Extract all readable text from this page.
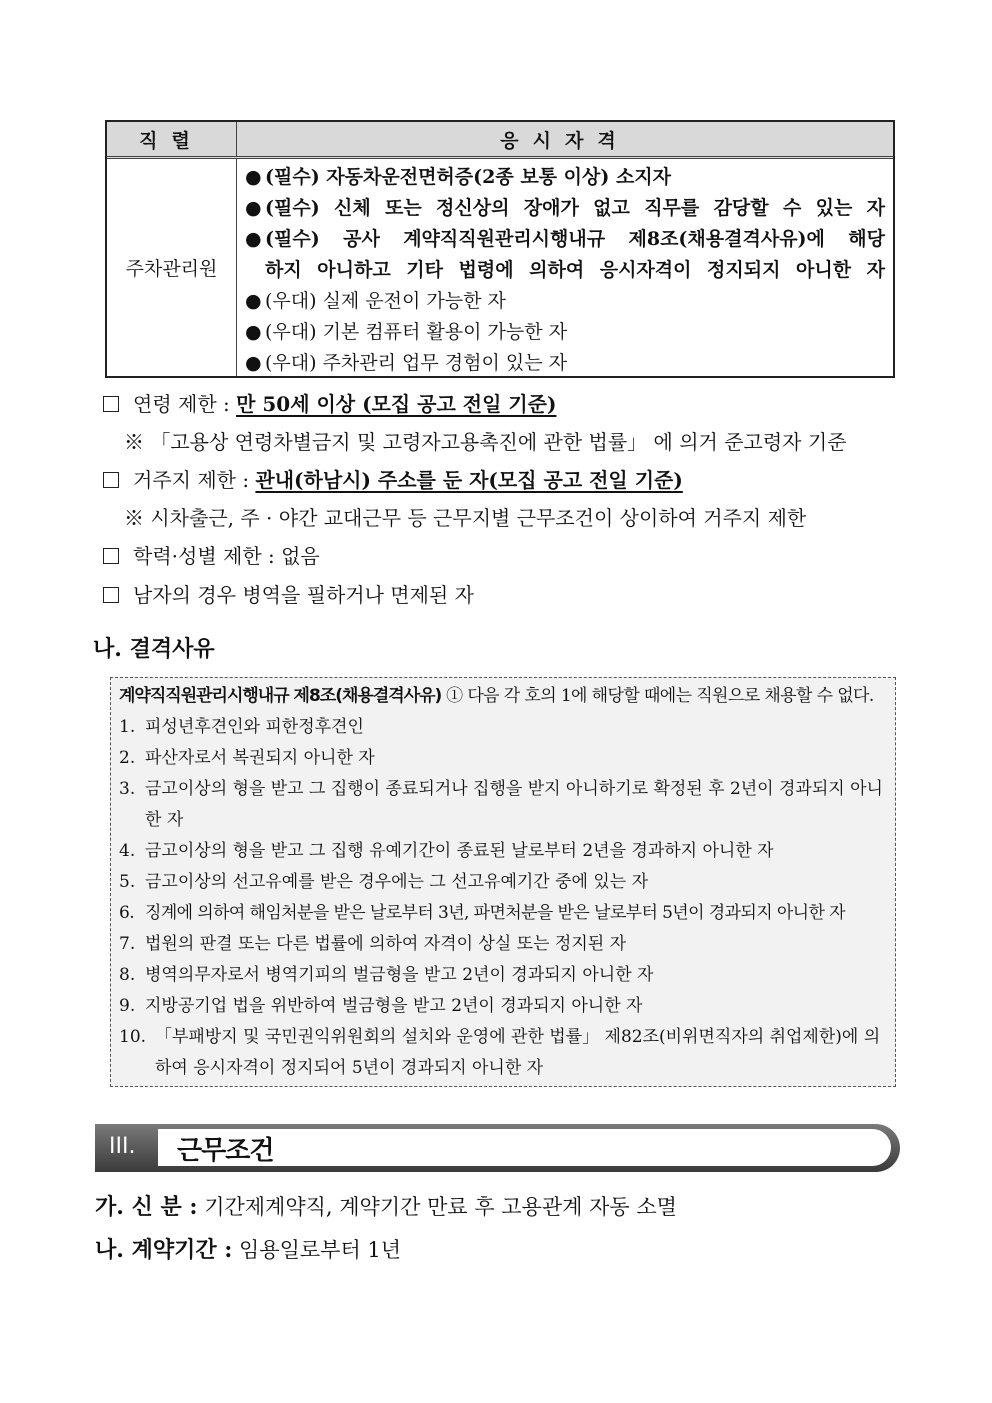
직렬	응시자격
주차관리원
● (필수) 자동차운전면허증(2종 보통 이상) 소지자
● (필수) 신체 또는 정신상의 장애가 없고 직무를 감당할 수 있는 자
● (필수) 공사 계약직직원관리시행내규 제8조(채용결격사유)에 해당
하지 아니하고 기타 법령에 의하여 응시자격이 정지되지 아니한 자
● (우대) 실제 운전이 가능한 자
● (우대) 기본 컴퓨터 활용이 가능한 자
● (우대) 주차관리 업무 경험이 있는 자
연령 제한 : 만 50세 이상 (모집 공고 전일 기준)
※ 「고용상 연령차별금지 및 고령자고용촉진에 관한 법률」 에 의거 준고령자 기준
거주지 제한 : 관내(하남시) 주소를 둔 자(모집 공고 전일 기준)
※ 시차출근, 주 · 야간 교대근무 등 근무지별 근무조건이 상이하여 거주지 제한
학력·성별 제한 : 없음
남자의 경우 병역을 필하거나 면제된 자
나. 결격사유
계약직직원관리시행내규 제8조(채용결격사유) ① 다음 각 호의 1에 해당할 때에는 직원으로 채용할 수 없다.
1. 피성년후견인와 피한정후견인
2. 파산자로서 복권되지 아니한 자
3. 금고이상의 형을 받고 그 집행이 종료되거나 집행을 받지 아니하기로 확정된 후 2년이 경과되지 아니한 자
4. 금고이상의 형을 받고 그 집행 유예기간이 종료된 날로부터 2년을 경과하지 아니한 자
5. 금고이상의 선고유예를 받은 경우에는 그 선고유예기간 중에 있는 자
6. 징계에 의하여 해임처분을 받은 날로부터 3년, 파면처분을 받은 날로부터 5년이 경과되지 아니한 자
7. 법원의 판결 또는 다른 법률에 의하여 자격이 상실 또는 정지된 자
8. 병역의무자로서 병역기피의 벌금형을 받고 2년이 경과되지 아니한 자
9. 지방공기업 법을 위반하여 벌금형을 받고 2년이 경과되지 아니한 자
10. 「부패방지 및 국민권익위원회의 설치와 운영에 관한 법률」 제82조(비위면직자의 취업제한)에 의하여 응시자격이 정지되어 5년이 경과되지 아니한 자
III. 근무조건
가. 신 분 : 기간제계약직, 계약기간 만료 후 고용관계 자동 소멸
나. 계약기간 : 임용일로부터 1년
